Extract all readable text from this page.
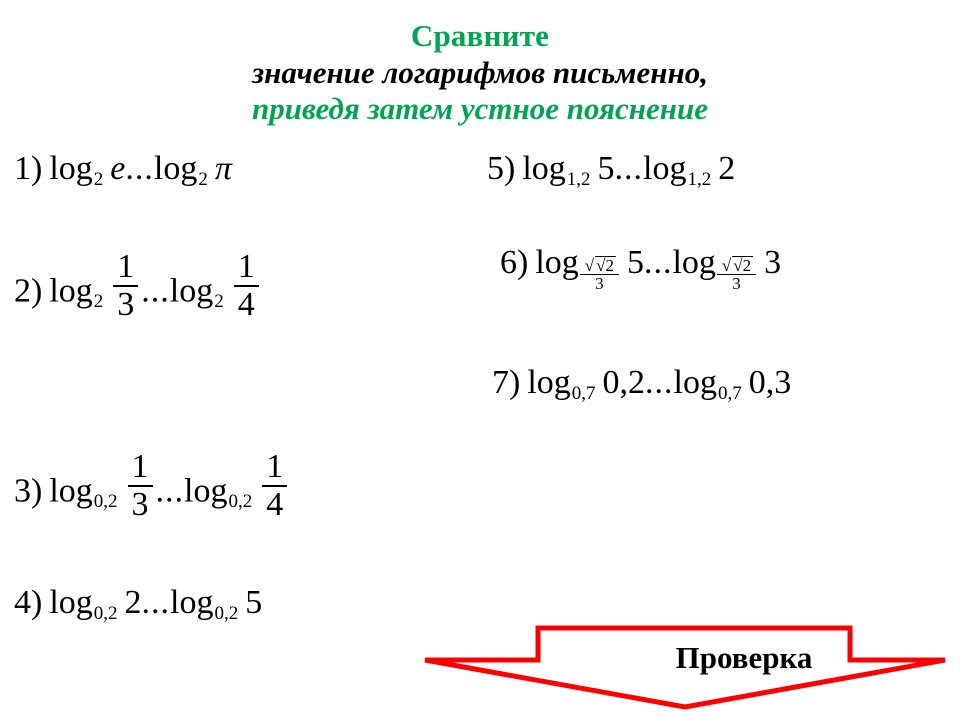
Сравните
значение логарифмов письменно,
приведя затем устное пояснение
1) $\log_2 e...\log_2$ π
2) $\log_2 \frac{1}{3} ...\log_2 \frac{1}{4}$
3) $\log_{0,2} \frac{1}{3} ...\log_{0,2} \frac{1}{4}$
4) $\log_{0,2} 2...\log_{0,2}$ 5
5) $\log_{1,2} 5...\log_{1,2}$ 2
6) $\log \frac{√ √2}{3} 5...\log \frac{√ √2}{3} 3$
7) $\log_{0,7} 0,2...\log_{0,7}$ 0,3
Проверка
